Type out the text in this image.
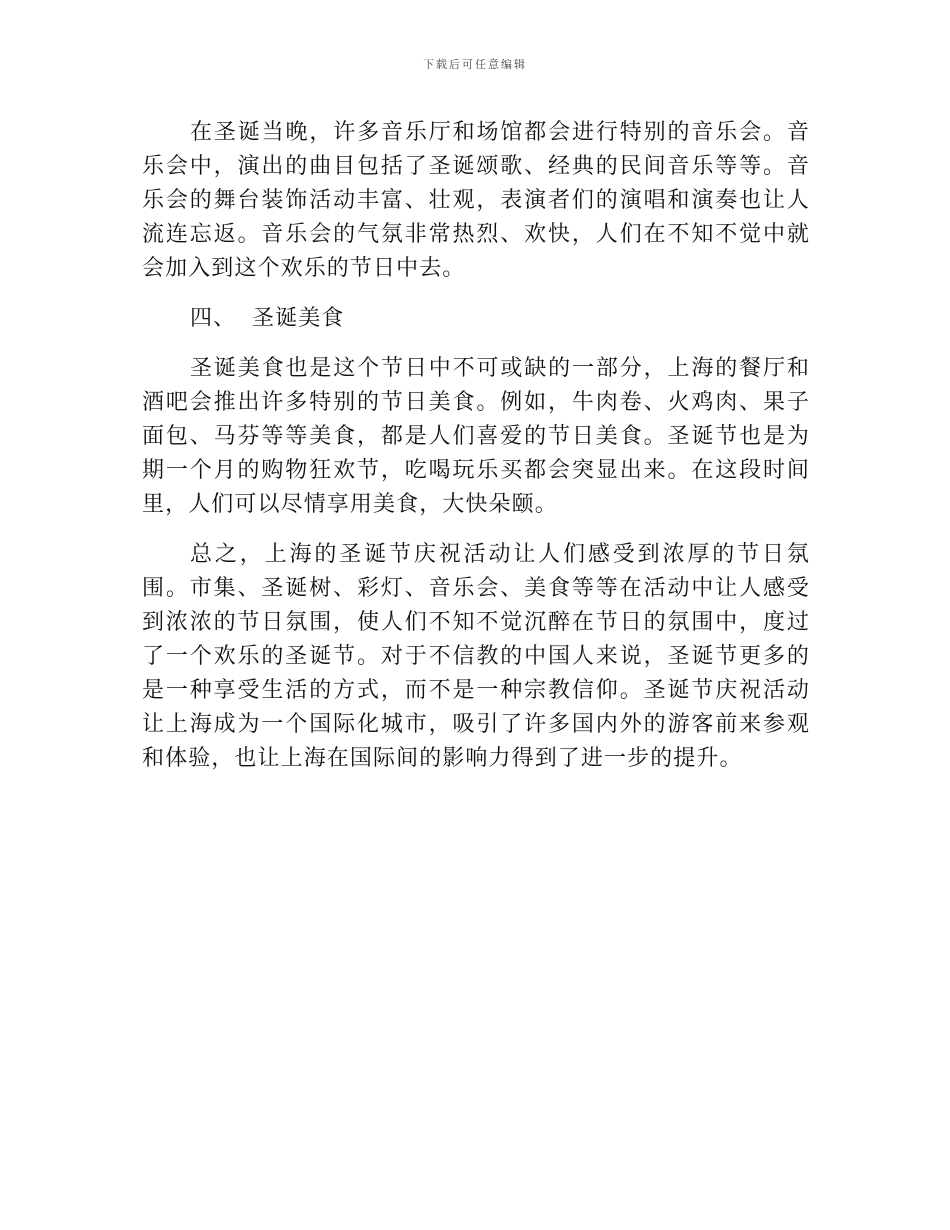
下载后可任意编辑

在圣诞当晚，许多音乐厅和场馆都会进行特别的音乐会。音乐会中，演出的曲目包括了圣诞颂歌、经典的民间音乐等等。音乐会的舞台装饰活动丰富、壮观，表演者们的演唱和演奏也让人流连忘返。音乐会的气氛非常热烈、欢快，人们在不知不觉中就会加入到这个欢乐的节日中去。

四、 圣诞美食

圣诞美食也是这个节日中不可或缺的一部分，上海的餐厅和酒吧会推出许多特别的节日美食。例如，牛肉卷、火鸡肉、果子面包、马芬等等美食，都是人们喜爱的节日美食。圣诞节也是为期一个月的购物狂欢节，吃喝玩乐买都会突显出来。在这段时间里，人们可以尽情享用美食，大快朵颐。

总之，上海的圣诞节庆祝活动让人们感受到浓厚的节日氛围。市集、圣诞树、彩灯、音乐会、美食等等在活动中让人感受到浓浓的节日氛围，使人们不知不觉沉醉在节日的氛围中，度过了一个欢乐的圣诞节。对于不信教的中国人来说，圣诞节更多的是一种享受生活的方式，而不是一种宗教信仰。圣诞节庆祝活动让上海成为一个国际化城市，吸引了许多国内外的游客前来参观和体验，也让上海在国际间的影响力得到了进一步的提升。
